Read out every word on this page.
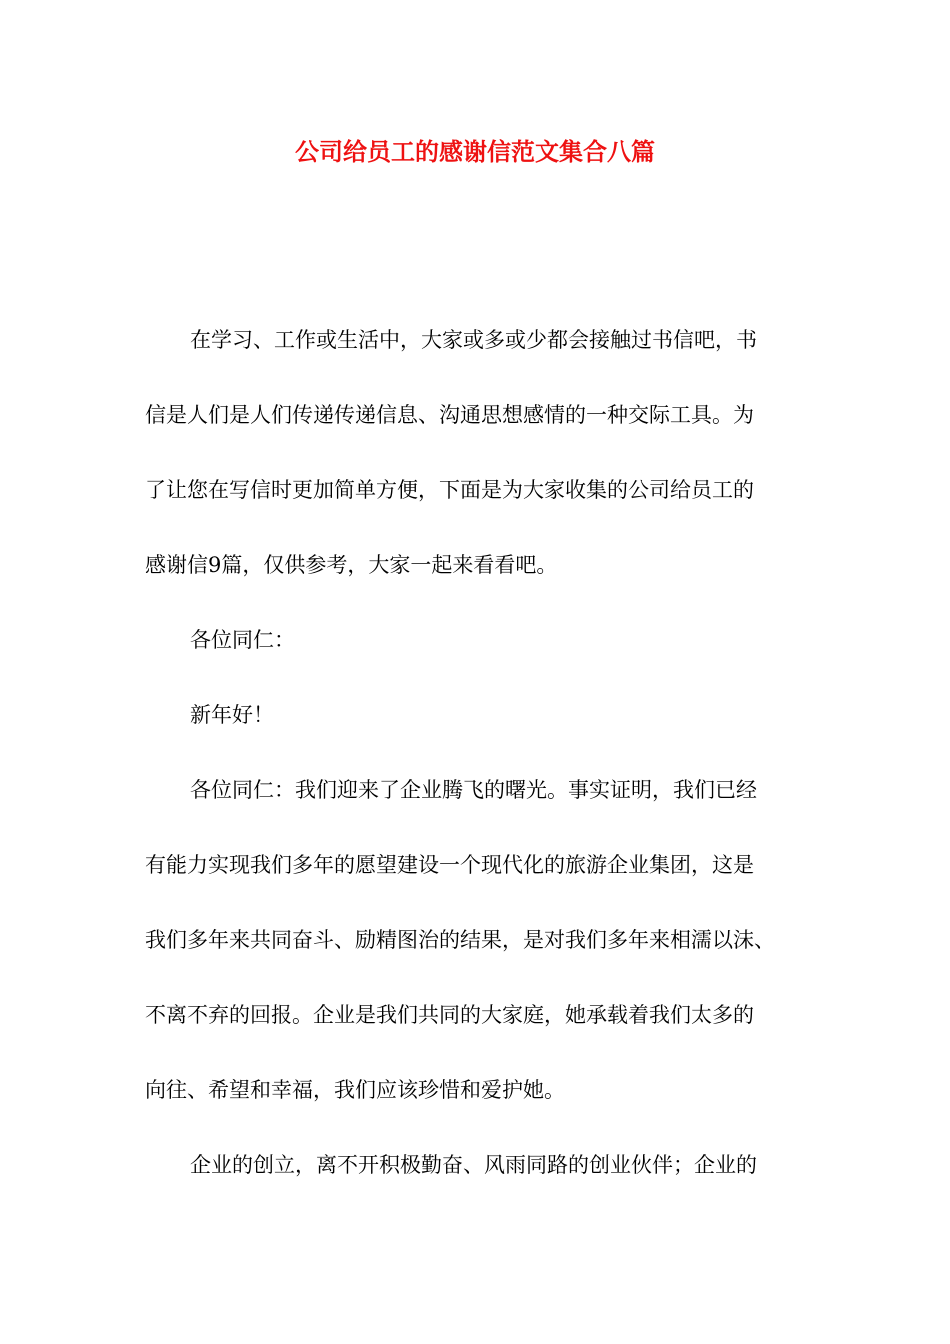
公司给员工的感谢信范文集合八篇

在学习、工作或生活中，大家或多或少都会接触过书信吧，书

信是人们是人们传递传递信息、沟通思想感情的一种交际工具。为

了让您在写信时更加简单方便，下面是为大家收集的公司给员工的

感谢信9篇，仅供参考，大家一起来看看吧。

各位同仁：

新年好！

各位同仁：我们迎来了企业腾飞的曙光。事实证明，我们已经

有能力实现我们多年的愿望建设一个现代化的旅游企业集团，这是

我们多年来共同奋斗、励精图治的结果，是对我们多年来相濡以沫、

不离不弃的回报。企业是我们共同的大家庭，她承载着我们太多的

向往、希望和幸福，我们应该珍惜和爱护她。

企业的创立，离不开积极勤奋、风雨同路的创业伙伴；企业的
